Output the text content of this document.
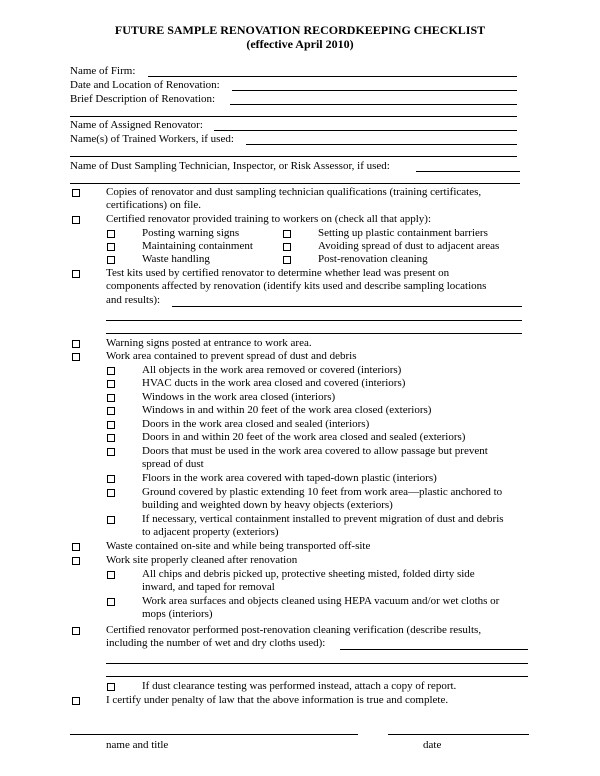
FUTURE SAMPLE RENOVATION RECORDKEEPING CHECKLIST
(effective April 2010)
Name of Firm:
Date and Location of Renovation:
Brief Description of Renovation:
Name of Assigned Renovator:
Name(s) of Trained Workers, if used:
Name of Dust Sampling Technician, Inspector, or Risk Assessor, if used:
Copies of renovator and dust sampling technician qualifications (training certificates,
certifications) on file.
Certified renovator provided training to workers on (check all that apply):
Posting warning signs	Setting up plastic containment barriers
Maintaining containment	Avoiding spread of dust to adjacent areas
Waste handling	Post-renovation cleaning
Test kits used by certified renovator to determine whether lead was present on
components affected by renovation (identify kits used and describe sampling locations
and results):
Warning signs posted at entrance to work area.
Work area contained to prevent spread of dust and debris
All objects in the work area removed or covered (interiors)
HVAC ducts in the work area closed and covered (interiors)
Windows in the work area closed (interiors)
Windows in and within 20 feet of the work area closed (exteriors)
Doors in the work area closed and sealed (interiors)
Doors in and within 20 feet of the work area closed and sealed (exteriors)
Doors that must be used in the work area covered to allow passage but prevent
spread of dust
Floors in the work area covered with taped-down plastic (interiors)
Ground covered by plastic extending 10 feet from work area—plastic anchored to
building and weighted down by heavy objects (exteriors)
If necessary, vertical containment installed to prevent migration of dust and debris
to adjacent property (exteriors)
Waste contained on-site and while being transported off-site
Work site properly cleaned after renovation
All chips and debris picked up, protective sheeting misted, folded dirty side
inward, and taped for removal
Work area surfaces and objects cleaned using HEPA vacuum and/or wet cloths or
mops (interiors)
Certified renovator performed post-renovation cleaning verification (describe results,
including the number of wet and dry cloths used):
If dust clearance testing was performed instead, attach a copy of report.
I certify under penalty of law that the above information is true and complete.
name and title	date
